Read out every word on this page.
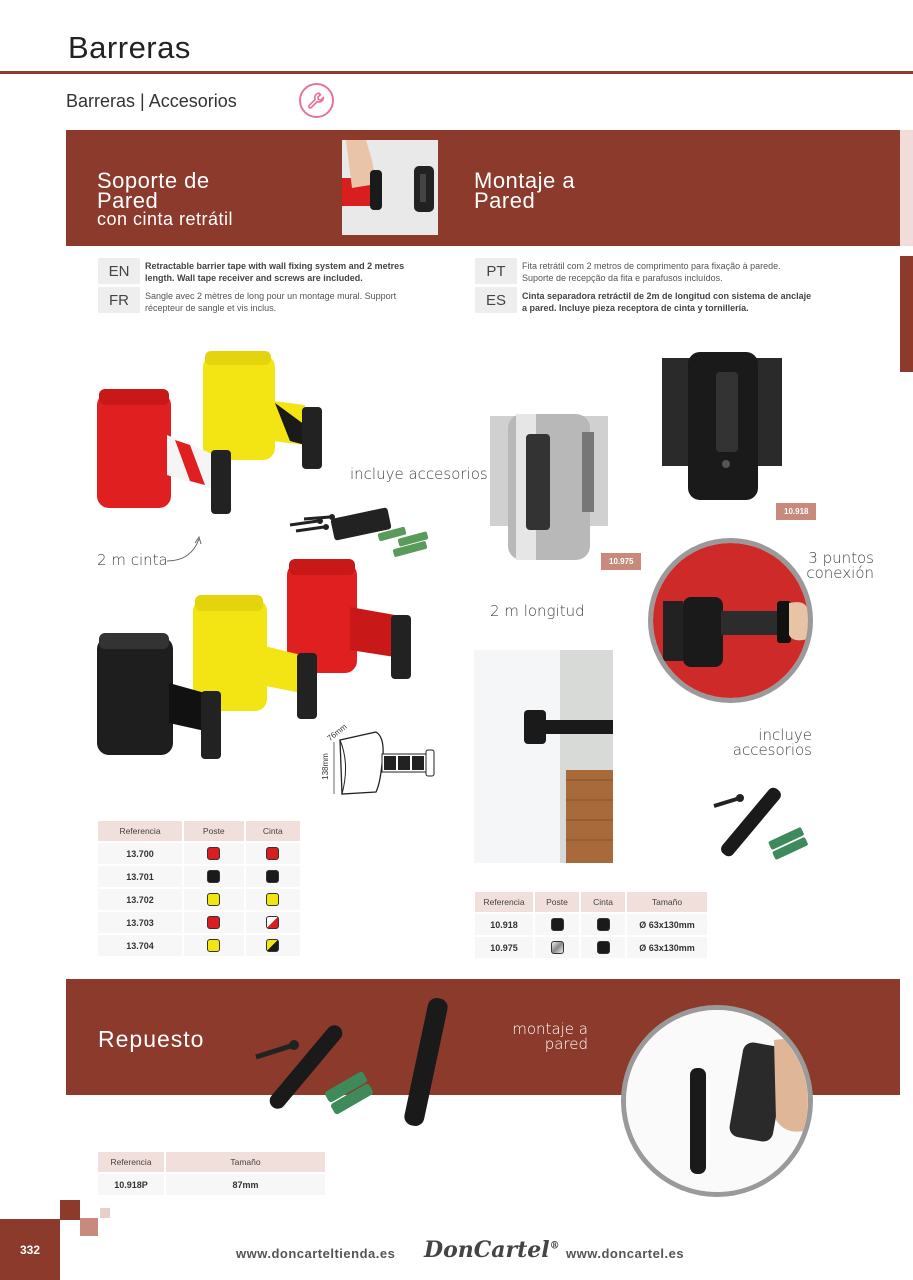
Barreras
Barreras | Accesorios
Soporte de
Pared
con cinta retrátil
Montaje a
Pared
EN	Retractable barrier tape with wall fixing system and 2 metres length. Wall tape receiver and screws are included.
FR	Sangle avec 2 mètres de long pour un montage mural. Support récepteur de sangle et vis inclus.
PT	Fita retrátil com 2 metros de comprimento para fixação à parede. Suporte de recepção da fita e parafusos incluídos.
ES	Cinta separadora retráctil de 2m de longitud con sistema de anclaje a pared. Incluye pieza receptora de cinta y tornillería.
incluye accesorios
2 m cinta
76mm
138mm
Referencia	Poste	Cinta
13.700		
13.701		
13.702		
13.703		
13.704		
10.975
10.918
3 puntos conexión
2 m longitud
incluye accesorios
Referencia	Poste	Cinta	Tamaño
10.918			Ø 63x130mm
10.975			Ø 63x130mm
Repuesto	montaje a pared
Referencia	Tamaño
10.918P	87mm
332	www.doncarteltienda.es DonCartel® www.doncartel.es
